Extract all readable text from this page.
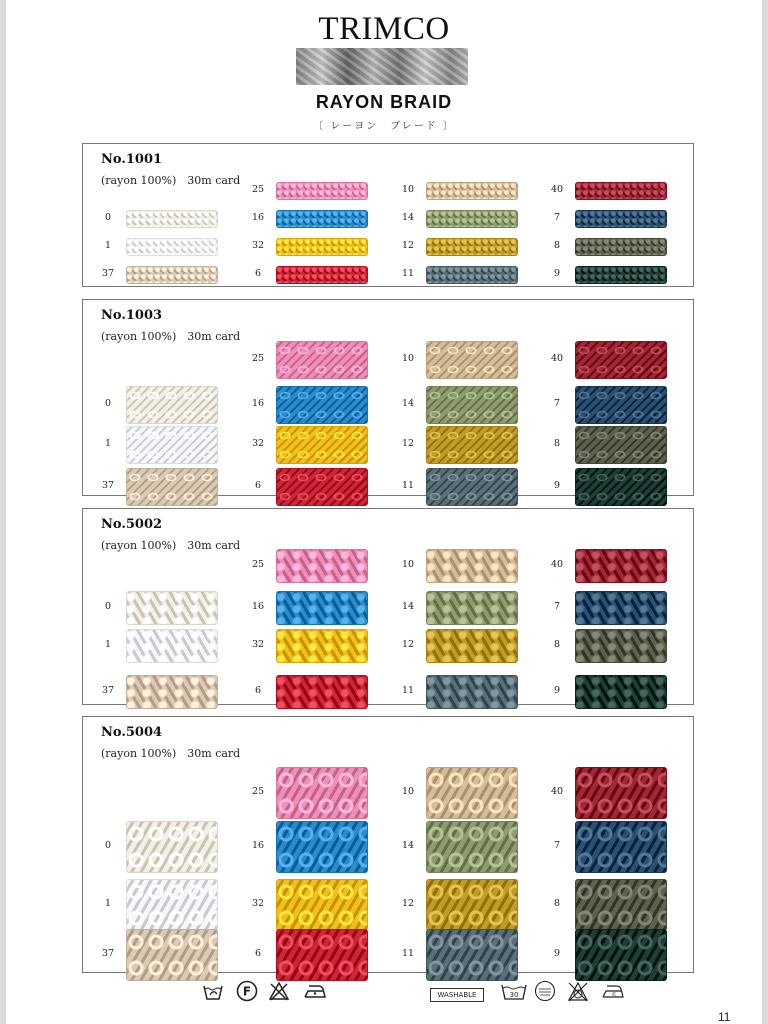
TRIMCO
RAYON BRAID
〔 レーヨン　ブレード 〕
No.1001
(rayon 100%)　30m card
0
1
37
25
16
32
6
10
14
12
11
40
7
8
9
No.1003
(rayon 100%)　30m card
0
1
37
25
16
32
6
10
14
12
11
40
7
8
9
No.5002
(rayon 100%)　30m card
0
1
37
25
16
32
6
10
14
12
11
40
7
8
9
No.5004
(rayon 100%)　30m card
0
1
37
25
16
32
6
10
14
12
11
40
7
8
9
F	WASHABLE	30	低
11
